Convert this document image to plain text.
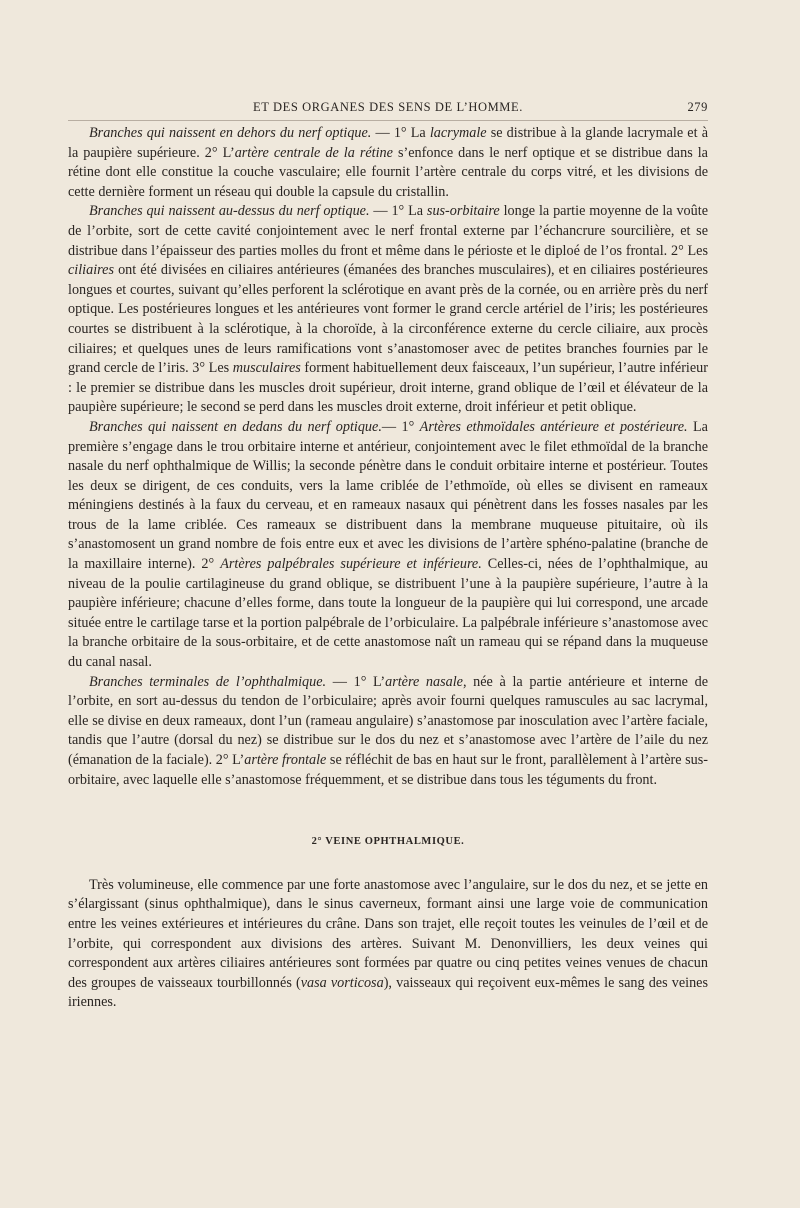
ET DES ORGANES DES SENS DE L’HOMME.	279

Branches qui naissent en dehors du nerf optique. — 1° La lacrymale se distribue à la glande lacrymale et à la paupière supérieure. 2° L’artère centrale de la rétine s’enfonce dans le nerf optique et se distribue dans la rétine dont elle constitue la couche vasculaire; elle fournit l’artère centrale du corps vitré, et les divisions de cette dernière forment un réseau qui double la capsule du cristallin.

Branches qui naissent au-dessus du nerf optique. — 1° La sus-orbitaire longe la partie moyenne de la voûte de l’orbite, sort de cette cavité conjointement avec le nerf frontal externe par l’échancrure sourcilière, et se distribue dans l’épaisseur des parties molles du front et même dans le périoste et le diploé de l’os frontal. 2° Les ciliaires ont été divisées en ciliaires antérieures (émanées des branches musculaires), et en ciliaires postérieures longues et courtes, suivant qu’elles perforent la sclérotique en avant près de la cornée, ou en arrière près du nerf optique. Les postérieures longues et les antérieures vont former le grand cercle artériel de l’iris; les postérieures courtes se distribuent à la sclérotique, à la choroïde, à la circonférence externe du cercle ciliaire, aux procès ciliaires; et quelques unes de leurs ramifications vont s’anastomoser avec de petites branches fournies par le grand cercle de l’iris. 3° Les musculaires forment habituellement deux faisceaux, l’un supérieur, l’autre inférieur : le premier se distribue dans les muscles droit supérieur, droit interne, grand oblique de l’œil et élévateur de la paupière supérieure; le second se perd dans les muscles droit externe, droit inférieur et petit oblique.

Branches qui naissent en dedans du nerf optique.— 1° Artères ethmoïdales antérieure et postérieure. La première s’engage dans le trou orbitaire interne et antérieur, conjointement avec le filet ethmoïdal de la branche nasale du nerf ophthalmique de Willis; la seconde pénètre dans le conduit orbitaire interne et postérieur. Toutes les deux se dirigent, de ces conduits, vers la lame criblée de l’ethmoïde, où elles se divisent en rameaux méningiens destinés à la faux du cerveau, et en rameaux nasaux qui pénètrent dans les fosses nasales par les trous de la lame criblée. Ces rameaux se distribuent dans la membrane muqueuse pituitaire, où ils s’anastomosent un grand nombre de fois entre eux et avec les divisions de l’artère sphéno-palatine (branche de la maxillaire interne). 2° Artères palpébrales supérieure et inférieure. Celles-ci, nées de l’ophthalmique, au niveau de la poulie cartilagineuse du grand oblique, se distribuent l’une à la paupière supérieure, l’autre à la paupière inférieure; chacune d’elles forme, dans toute la longueur de la paupière qui lui correspond, une arcade située entre le cartilage tarse et la portion palpébrale de l’orbiculaire. La palpébrale inférieure s’anastomose avec la branche orbitaire de la sous-orbitaire, et de cette anastomose naît un rameau qui se répand dans la muqueuse du canal nasal.

Branches terminales de l’ophthalmique. — 1° L’artère nasale, née à la partie antérieure et interne de l’orbite, en sort au-dessus du tendon de l’orbiculaire; après avoir fourni quelques ramuscules au sac lacrymal, elle se divise en deux rameaux, dont l’un (rameau angulaire) s’anastomose par inosculation avec l’artère faciale, tandis que l’autre (dorsal du nez) se distribue sur le dos du nez et s’anastomose avec l’artère de l’aile du nez (émanation de la faciale). 2° L’artère frontale se réfléchit de bas en haut sur le front, parallèlement à l’artère sus-orbitaire, avec laquelle elle s’anastomose fréquemment, et se distribue dans tous les téguments du front.

2° VEINE OPHTHALMIQUE.

Très volumineuse, elle commence par une forte anastomose avec l’angulaire, sur le dos du nez, et se jette en s’élargissant (sinus ophthalmique), dans le sinus caverneux, formant ainsi une large voie de communication entre les veines extérieures et intérieures du crâne. Dans son trajet, elle reçoit toutes les veinules de l’œil et de l’orbite, qui correspondent aux divisions des artères. Suivant M. Denonvilliers, les deux veines qui correspondent aux artères ciliaires antérieures sont formées par quatre ou cinq petites veines venues de chacun des groupes de vaisseaux tourbillonnés (vasa vorticosa), vaisseaux qui reçoivent eux-mêmes le sang des veines iriennes.
